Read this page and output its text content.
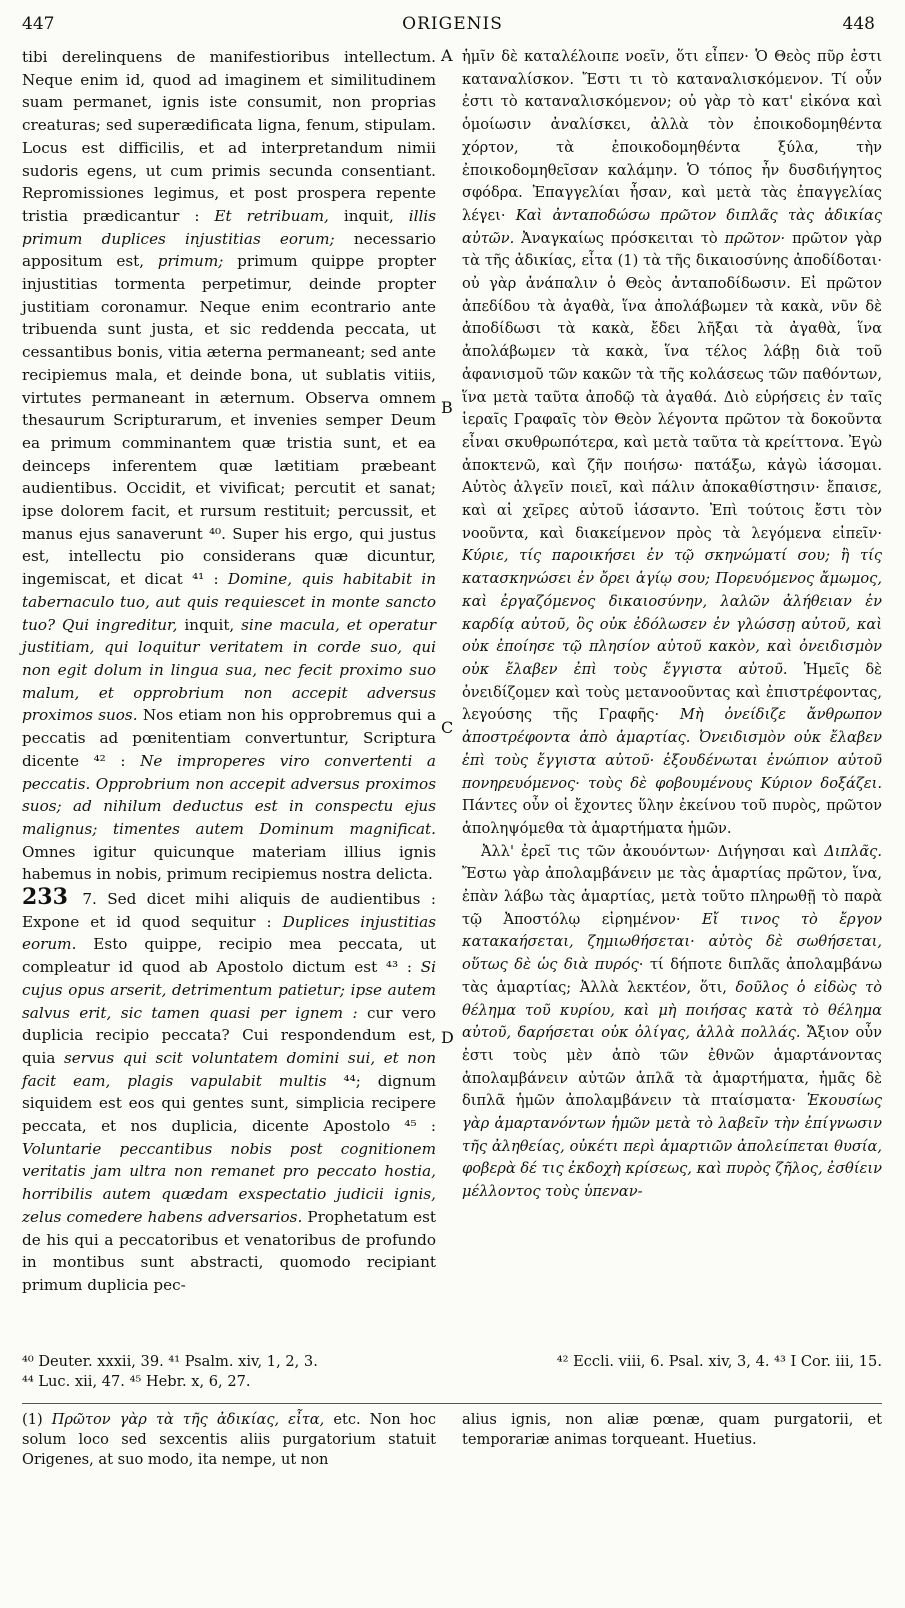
447	ORIGENIS	448

tibi derelinquens de manifestioribus intellectum. Neque enim id, quod ad imaginem et similitudinem suam permanet, ignis iste consumit, non proprias creaturas; sed superædificata ligna, fenum, stipulam. Locus est difficilis, et ad interpretandum nimii sudoris egens, ut cum primis secunda consentiant. Repromissiones legimus, et post prospera repente tristia prædicantur : Et retribuam, inquit, illis primum duplices injustitias eorum; necessario appositum est, primum; primum quippe propter injustitias tormenta perpetimur, deinde propter justitiam coronamur. Neque enim econtrario ante tribuenda sunt justa, et sic reddenda peccata, ut cessantibus bonis, vitia æterna permaneant; sed ante recipiemus mala, et deinde bona, ut sublatis vitiis, virtutes permaneant in æternum. Observa omnem thesaurum Scripturarum, et invenies semper Deum ea primum comminantem quæ tristia sunt, et ea deinceps inferentem quæ lætitiam præbeant audientibus. Occidit, et vivificat; percutit et sanat; ipse dolorem facit, et rursum restituit; percussit, et manus ejus sanaverunt ⁴⁰. Super his ergo, qui justus est, intellectu pio considerans quæ dicuntur, ingemiscat, et dicat ⁴¹ : Domine, quis habitabit in tabernaculo tuo, aut quis requiescet in monte sancto tuo? Qui ingreditur, inquit, sine macula, et operatur justitiam, qui loquitur veritatem in corde suo, qui non egit dolum in lingua sua, nec fecit proximo suo malum, et opprobrium non accepit adversus proximos suos. Nos etiam non his opprobremus qui a peccatis ad pœnitentiam convertuntur, Scriptura dicente ⁴² : Ne improperes viro convertenti a peccatis. Opprobrium non accepit adversus proximos suos; ad nihilum deductus est in conspectu ejus malignus; timentes autem Dominum magnificat. Omnes igitur quicunque materiam illius ignis habemus in nobis, primum recipiemus nostra delicta.

233 7. Sed dicet mihi aliquis de audientibus : Expone et id quod sequitur : Duplices injustitias eorum. Esto quippe, recipio mea peccata, ut compleatur id quod ab Apostolo dictum est ⁴³ : Si cujus opus arserit, detrimentum patietur; ipse autem salvus erit, sic tamen quasi per ignem : cur vero duplicia recipio peccata? Cui respondendum est, quia servus qui scit voluntatem domini sui, et non facit eam, plagis vapulabit multis ⁴⁴; dignum siquidem est eos qui gentes sunt, simplicia recipere peccata, et nos duplicia, dicente Apostolo ⁴⁵ : Voluntarie peccantibus nobis post cognitionem veritatis jam ultra non remanet pro peccato hostia, horribilis autem quædam exspectatio judicii ignis, zelus comedere habens adversarios. Prophetatum est de his qui a peccatoribus et venatoribus de profundo in montibus sunt abstracti, quomodo recipiant primum duplicia pec-

A
B
C
D

ἡμῖν δὲ καταλέλοιπε νοεῖν, ὅτι εἶπεν· Ὁ Θεὸς πῦρ ἐστι καταναλίσκον. Ἔστι τι τὸ καταναλισκόμενον. Τί οὖν ἐστι τὸ καταναλισκόμενον; οὐ γὰρ τὸ κατ' εἰκόνα καὶ ὁμοίωσιν ἀναλίσκει, ἀλλὰ τὸν ἐποικοδομηθέντα χόρτον, τὰ ἐποικοδομηθέντα ξύλα, τὴν ἐποικοδομηθεῖσαν καλάμην. Ὁ τόπος ἦν δυσδιήγητος σφόδρα. Ἐπαγγελίαι ἦσαν, καὶ μετὰ τὰς ἐπαγγελίας λέγει· Καὶ ἀνταποδώσω πρῶτον διπλᾶς τὰς ἀδικίας αὐτῶν. Ἀναγκαίως πρόσκειται τὸ πρῶτον· πρῶτον γὰρ τὰ τῆς ἀδικίας, εἶτα (1) τὰ τῆς δικαιοσύνης ἀποδίδοται· οὐ γὰρ ἀνάπαλιν ὁ Θεὸς ἀνταποδίδωσιν. Εἰ πρῶτον ἀπεδίδου τὰ ἀγαθὰ, ἵνα ἀπολάβωμεν τὰ κακὰ, νῦν δὲ ἀποδίδωσι τὰ κακὰ, ἔδει λῆξαι τὰ ἀγαθὰ, ἵνα ἀπολάβωμεν τὰ κακὰ, ἵνα τέλος λάβῃ διὰ τοῦ ἀφανισμοῦ τῶν κακῶν τὰ τῆς κολάσεως τῶν παθόντων, ἵνα μετὰ ταῦτα ἀποδῷ τὰ ἀγαθά. Διὸ εὑρήσεις ἐν ταῖς ἱεραῖς Γραφαῖς τὸν Θεὸν λέγοντα πρῶτον τὰ δοκοῦντα εἶναι σκυθρωπότερα, καὶ μετὰ ταῦτα τὰ κρείττονα. Ἐγὼ ἀποκτενῶ, καὶ ζῆν ποιήσω· πατάξω, κἀγὼ ἰάσομαι. Αὐτὸς ἀλγεῖν ποιεῖ, καὶ πάλιν ἀποκαθίστησιν· ἔπαισε, καὶ αἱ χεῖρες αὐτοῦ ἰάσαντο. Ἐπὶ τούτοις ἔστι τὸν νοοῦντα, καὶ διακείμενον πρὸς τὰ λεγόμενα εἰπεῖν· Κύριε, τίς παροικήσει ἐν τῷ σκηνώματί σου; ἢ τίς κατασκηνώσει ἐν ὄρει ἁγίῳ σου; Πορευόμενος ἄμωμος, καὶ ἐργαζόμενος δικαιοσύνην, λαλῶν ἀλήθειαν ἐν καρδίᾳ αὐτοῦ, ὃς οὐκ ἐδόλωσεν ἐν γλώσσῃ αὐτοῦ, καὶ οὐκ ἐποίησε τῷ πλησίον αὐτοῦ κακὸν, καὶ ὀνειδισμὸν οὐκ ἔλαβεν ἐπὶ τοὺς ἔγγιστα αὐτοῦ. Ἡμεῖς δὲ ὀνειδίζομεν καὶ τοὺς μετανοοῦντας καὶ ἐπιστρέφοντας, λεγούσης τῆς Γραφῆς· Μὴ ὀνείδιζε ἄνθρωπον ἀποστρέφοντα ἀπὸ ἁμαρτίας. Ὀνειδισμὸν οὐκ ἔλαβεν ἐπὶ τοὺς ἔγγιστα αὐτοῦ· ἐξουδένωται ἐνώπιον αὐτοῦ πονηρευόμενος· τοὺς δὲ φοβουμένους Κύριον δοξάζει. Πάντες οὖν οἱ ἔχοντες ὕλην ἐκείνου τοῦ πυρὸς, πρῶτον ἀποληψόμεθα τὰ ἁμαρτήματα ἡμῶν.

Ἀλλ' ἐρεῖ τις τῶν ἀκουόντων· Διήγησαι καὶ Διπλᾶς. Ἔστω γὰρ ἀπολαμβάνειν με τὰς ἁμαρτίας πρῶτον, ἵνα, ἐπὰν λάβω τὰς ἁμαρτίας, μετὰ τοῦτο πληρωθῇ τὸ παρὰ τῷ Ἀποστόλῳ εἰρημένον· Εἴ τινος τὸ ἔργον κατακαήσεται, ζημιωθήσεται· αὐτὸς δὲ σωθήσεται, οὕτως δὲ ὡς διὰ πυρός· τί δήποτε διπλᾶς ἀπολαμβάνω τὰς ἁμαρτίας; Ἀλλὰ λεκτέον, ὅτι, δοῦλος ὁ εἰδὼς τὸ θέλημα τοῦ κυρίου, καὶ μὴ ποιήσας κατὰ τὸ θέλημα αὐτοῦ, δαρήσεται οὐκ ὀλίγας, ἀλλὰ πολλάς. Ἄξιον οὖν ἐστι τοὺς μὲν ἀπὸ τῶν ἐθνῶν ἁμαρτάνοντας ἀπολαμβάνειν αὐτῶν ἁπλᾶ τὰ ἁμαρτήματα, ἡμᾶς δὲ διπλᾶ ἡμῶν ἀπολαμβάνειν τὰ πταίσματα· Ἑκουσίως γὰρ ἁμαρτανόντων ἡμῶν μετὰ τὸ λαβεῖν τὴν ἐπίγνωσιν τῆς ἀληθείας, οὐκέτι περὶ ἁμαρτιῶν ἀπολείπεται θυσία, φοβερὰ δέ τις ἐκδοχὴ κρίσεως, καὶ πυρὸς ζῆλος, ἐσθίειν μέλλοντος τοὺς ὑπεναν-

⁴⁰ Deuter. xxxii, 39. ⁴¹ Psalm. xiv, 1, 2, 3.	⁴² Eccli. viii, 6. Psal. xiv, 3, 4. ⁴³ I Cor. iii, 15.
⁴⁴ Luc. xii, 47. ⁴⁵ Hebr. x, 6, 27.
(1) Πρῶτον γὰρ τὰ τῆς ἀδικίας, εἶτα, etc. Non hoc solum loco sed sexcentis aliis purgatorium statuit Origenes, at suo modo, ita nempe, ut non
alius ignis, non aliæ pœnæ, quam purgatorii, et temporariæ animas torqueant. Huetius.
